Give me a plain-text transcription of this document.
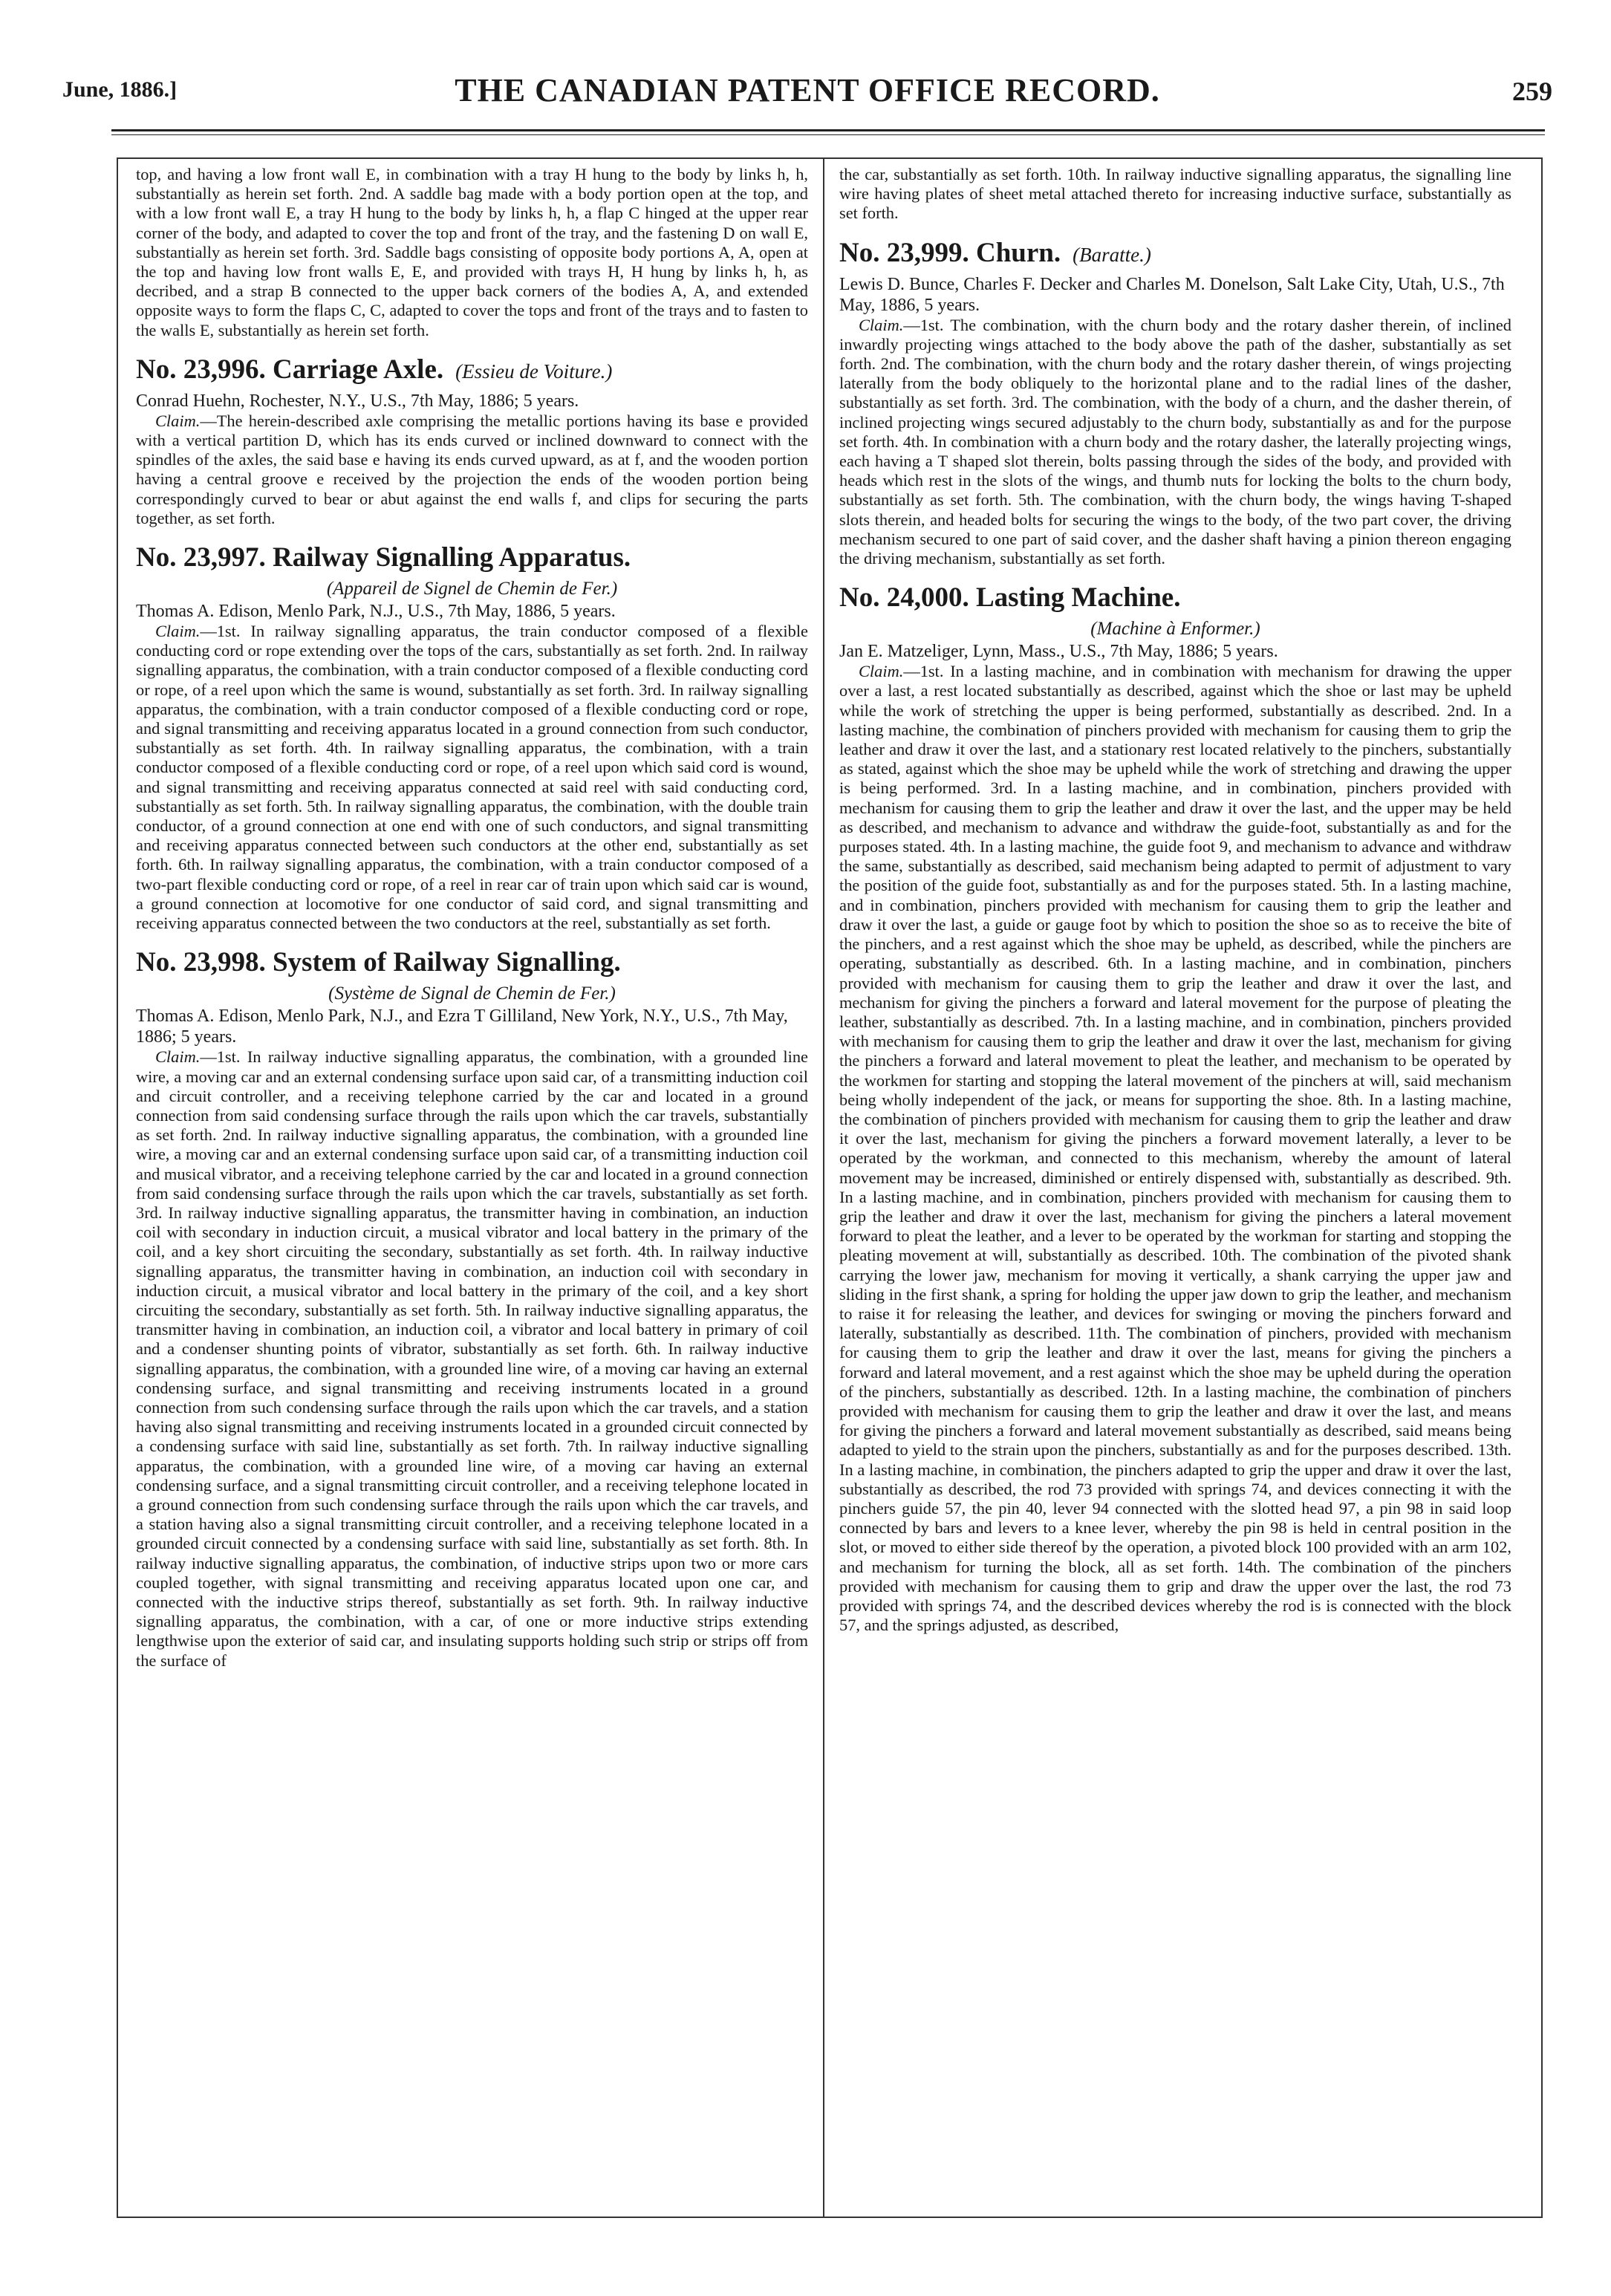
June, 1886.]	THE CANADIAN PATENT OFFICE RECORD.	259

top, and having a low front wall E, in combination with a tray H hung to the body by links h, h, substantially as herein set forth. 2nd. A saddle bag made with a body portion open at the top, and with a low front wall E, a tray H hung to the body by links h, h, a flap C hinged at the upper rear corner of the body, and adapted to cover the top and front of the tray, and the fastening D on wall E, substantially as herein set forth. 3rd. Saddle bags consisting of opposite body portions A, A, open at the top and having low front walls E, E, and provided with trays H, H hung by links h, h, as decribed, and a strap B connected to the upper back corners of the bodies A, A, and extended opposite ways to form the flaps C, C, adapted to cover the tops and front of the trays and to fasten to the walls E, substantially as herein set forth.

No. 23,996. Carriage Axle. (Essieu de Voiture.)

Conrad Huehn, Rochester, N.Y., U.S., 7th May, 1886; 5 years.

Claim.—The herein-described axle comprising the metallic portions having its base e provided with a vertical partition D, which has its ends curved or inclined downward to connect with the spindles of the axles, the said base e having its ends curved upward, as at f, and the wooden portion having a central groove e received by the projection the ends of the wooden portion being correspondingly curved to bear or abut against the end walls f, and clips for securing the parts together, as set forth.

No. 23,997. Railway Signalling Apparatus.

(Appareil de Signel de Chemin de Fer.)

Thomas A. Edison, Menlo Park, N.J., U.S., 7th May, 1886, 5 years.

Claim.—1st. In railway signalling apparatus, the train conductor composed of a flexible conducting cord or rope extending over the tops of the cars, substantially as set forth. 2nd. In railway signalling apparatus, the combination, with a train conductor composed of a flexible conducting cord or rope, of a reel upon which the same is wound, substantially as set forth. 3rd. In railway signalling apparatus, the combination, with a train conductor composed of a flexible conducting cord or rope, and signal transmitting and receiving apparatus located in a ground connection from such conductor, substantially as set forth. 4th. In railway signalling apparatus, the combination, with a train conductor composed of a flexible conducting cord or rope, of a reel upon which said cord is wound, and signal transmitting and receiving apparatus connected at said reel with said conducting cord, substantially as set forth. 5th. In railway signalling apparatus, the combination, with the double train conductor, of a ground connection at one end with one of such conductors, and signal transmitting and receiving apparatus connected between such conductors at the other end, substantially as set forth. 6th. In railway signalling apparatus, the combination, with a train conductor composed of a two-part flexible conducting cord or rope, of a reel in rear car of train upon which said car is wound, a ground connection at locomotive for one conductor of said cord, and signal transmitting and receiving apparatus connected between the two conductors at the reel, substantially as set forth.

No. 23,998. System of Railway Signalling.

(Système de Signal de Chemin de Fer.)

Thomas A. Edison, Menlo Park, N.J., and Ezra T Gilliland, New York, N.Y., U.S., 7th May, 1886; 5 years.

Claim.—1st. In railway inductive signalling apparatus, the combination, with a grounded line wire, a moving car and an external condensing surface upon said car, of a transmitting induction coil and circuit controller, and a receiving telephone carried by the car and located in a ground connection from said condensing surface through the rails upon which the car travels, substantially as set forth. 2nd. In railway inductive signalling apparatus, the combination, with a grounded line wire, a moving car and an external condensing surface upon said car, of a transmitting induction coil and musical vibrator, and a receiving telephone carried by the car and located in a ground connection from said condensing surface through the rails upon which the car travels, substantially as set forth. 3rd. In railway inductive signalling apparatus, the transmitter having in combination, an induction coil with secondary in induction circuit, a musical vibrator and local battery in the primary of the coil, and a key short circuiting the secondary, substantially as set forth. 4th. In railway inductive signalling apparatus, the transmitter having in combination, an induction coil with secondary in induction circuit, a musical vibrator and local battery in the primary of the coil, and a key short circuiting the secondary, substantially as set forth. 5th. In railway inductive signalling apparatus, the transmitter having in combination, an induction coil, a vibrator and local battery in primary of coil and a condenser shunting points of vibrator, substantially as set forth. 6th. In railway inductive signalling apparatus, the combination, with a grounded line wire, of a moving car having an external condensing surface, and signal transmitting and receiving instruments located in a ground connection from such condensing surface through the rails upon which the car travels, and a station having also signal transmitting and receiving instruments located in a grounded circuit connected by a condensing surface with said line, substantially as set forth. 7th. In railway inductive signalling apparatus, the combination, with a grounded line wire, of a moving car having an external condensing surface, and a signal transmitting circuit controller, and a receiving telephone located in a ground connection from such condensing surface through the rails upon which the car travels, and a station having also a signal transmitting circuit controller, and a receiving telephone located in a grounded circuit connected by a condensing surface with said line, substantially as set forth. 8th. In railway inductive signalling apparatus, the combination, of inductive strips upon two or more cars coupled together, with signal transmitting and receiving apparatus located upon one car, and connected with the inductive strips thereof, substantially as set forth. 9th. In railway inductive signalling apparatus, the combination, with a car, of one or more inductive strips extending lengthwise upon the exterior of said car, and insulating supports holding such strip or strips off from the surface of

the car, substantially as set forth. 10th. In railway inductive signalling apparatus, the signalling line wire having plates of sheet metal attached thereto for increasing inductive surface, substantially as set forth.

No. 23,999. Churn. (Baratte.)

Lewis D. Bunce, Charles F. Decker and Charles M. Donelson, Salt Lake City, Utah, U.S., 7th May, 1886, 5 years.

Claim.—1st. The combination, with the churn body and the rotary dasher therein, of inclined inwardly projecting wings attached to the body above the path of the dasher, substantially as set forth. 2nd. The combination, with the churn body and the rotary dasher therein, of wings projecting laterally from the body obliquely to the horizontal plane and to the radial lines of the dasher, substantially as set forth. 3rd. The combination, with the body of a churn, and the dasher therein, of inclined projecting wings secured adjustably to the churn body, substantially as and for the purpose set forth. 4th. In combination with a churn body and the rotary dasher, the laterally projecting wings, each having a T shaped slot therein, bolts passing through the sides of the body, and provided with heads which rest in the slots of the wings, and thumb nuts for locking the bolts to the churn body, substantially as set forth. 5th. The combination, with the churn body, the wings having T-shaped slots therein, and headed bolts for securing the wings to the body, of the two part cover, the driving mechanism secured to one part of said cover, and the dasher shaft having a pinion thereon engaging the driving mechanism, substantially as set forth.

No. 24,000. Lasting Machine.

(Machine à Enformer.)

Jan E. Matzeliger, Lynn, Mass., U.S., 7th May, 1886; 5 years.

Claim.—1st. In a lasting machine, and in combination with mechanism for drawing the upper over a last, a rest located substantially as described, against which the shoe or last may be upheld while the work of stretching the upper is being performed, substantially as described. 2nd. In a lasting machine, the combination of pinchers provided with mechanism for causing them to grip the leather and draw it over the last, and a stationary rest located relatively to the pinchers, substantially as stated, against which the shoe may be upheld while the work of stretching and drawing the upper is being performed. 3rd. In a lasting machine, and in combination, pinchers provided with mechanism for causing them to grip the leather and draw it over the last, and the upper may be held as described, and mechanism to advance and withdraw the guide-foot, substantially as and for the purposes stated. 4th. In a lasting machine, the guide foot 9, and mechanism to advance and withdraw the same, substantially as described, said mechanism being adapted to permit of adjustment to vary the position of the guide foot, substantially as and for the purposes stated. 5th. In a lasting machine, and in combination, pinchers provided with mechanism for causing them to grip the leather and draw it over the last, a guide or gauge foot by which to position the shoe so as to receive the bite of the pinchers, and a rest against which the shoe may be upheld, as described, while the pinchers are operating, substantially as described. 6th. In a lasting machine, and in combination, pinchers provided with mechanism for causing them to grip the leather and draw it over the last, and mechanism for giving the pinchers a forward and lateral movement for the purpose of pleating the leather, substantially as described. 7th. In a lasting machine, and in combination, pinchers provided with mechanism for causing them to grip the leather and draw it over the last, mechanism for giving the pinchers a forward and lateral movement to pleat the leather, and mechanism to be operated by the workmen for starting and stopping the lateral movement of the pinchers at will, said mechanism being wholly independent of the jack, or means for supporting the shoe. 8th. In a lasting machine, the combination of pinchers provided with mechanism for causing them to grip the leather and draw it over the last, mechanism for giving the pinchers a forward movement laterally, a lever to be operated by the workman, and connected to this mechanism, whereby the amount of lateral movement may be increased, diminished or entirely dispensed with, substantially as described. 9th. In a lasting machine, and in combination, pinchers provided with mechanism for causing them to grip the leather and draw it over the last, mechanism for giving the pinchers a lateral movement forward to pleat the leather, and a lever to be operated by the workman for starting and stopping the pleating movement at will, substantially as described. 10th. The combination of the pivoted shank carrying the lower jaw, mechanism for moving it vertically, a shank carrying the upper jaw and sliding in the first shank, a spring for holding the upper jaw down to grip the leather, and mechanism to raise it for releasing the leather, and devices for swinging or moving the pinchers forward and laterally, substantially as described. 11th. The combination of pinchers, provided with mechanism for causing them to grip the leather and draw it over the last, means for giving the pinchers a forward and lateral movement, and a rest against which the shoe may be upheld during the operation of the pinchers, substantially as described. 12th. In a lasting machine, the combination of pinchers provided with mechanism for causing them to grip the leather and draw it over the last, and means for giving the pinchers a forward and lateral movement substantially as described, said means being adapted to yield to the strain upon the pinchers, substantially as and for the purposes described. 13th. In a lasting machine, in combination, the pinchers adapted to grip the upper and draw it over the last, substantially as described, the rod 73 provided with springs 74, and devices connecting it with the pinchers guide 57, the pin 40, lever 94 connected with the slotted head 97, a pin 98 in said loop connected by bars and levers to a knee lever, whereby the pin 98 is held in central position in the slot, or moved to either side thereof by the operation, a pivoted block 100 provided with an arm 102, and mechanism for turning the block, all as set forth. 14th. The combination of the pinchers provided with mechanism for causing them to grip and draw the upper over the last, the rod 73 provided with springs 74, and the described devices whereby the rod is is connected with the block 57, and the springs adjusted, as described,
